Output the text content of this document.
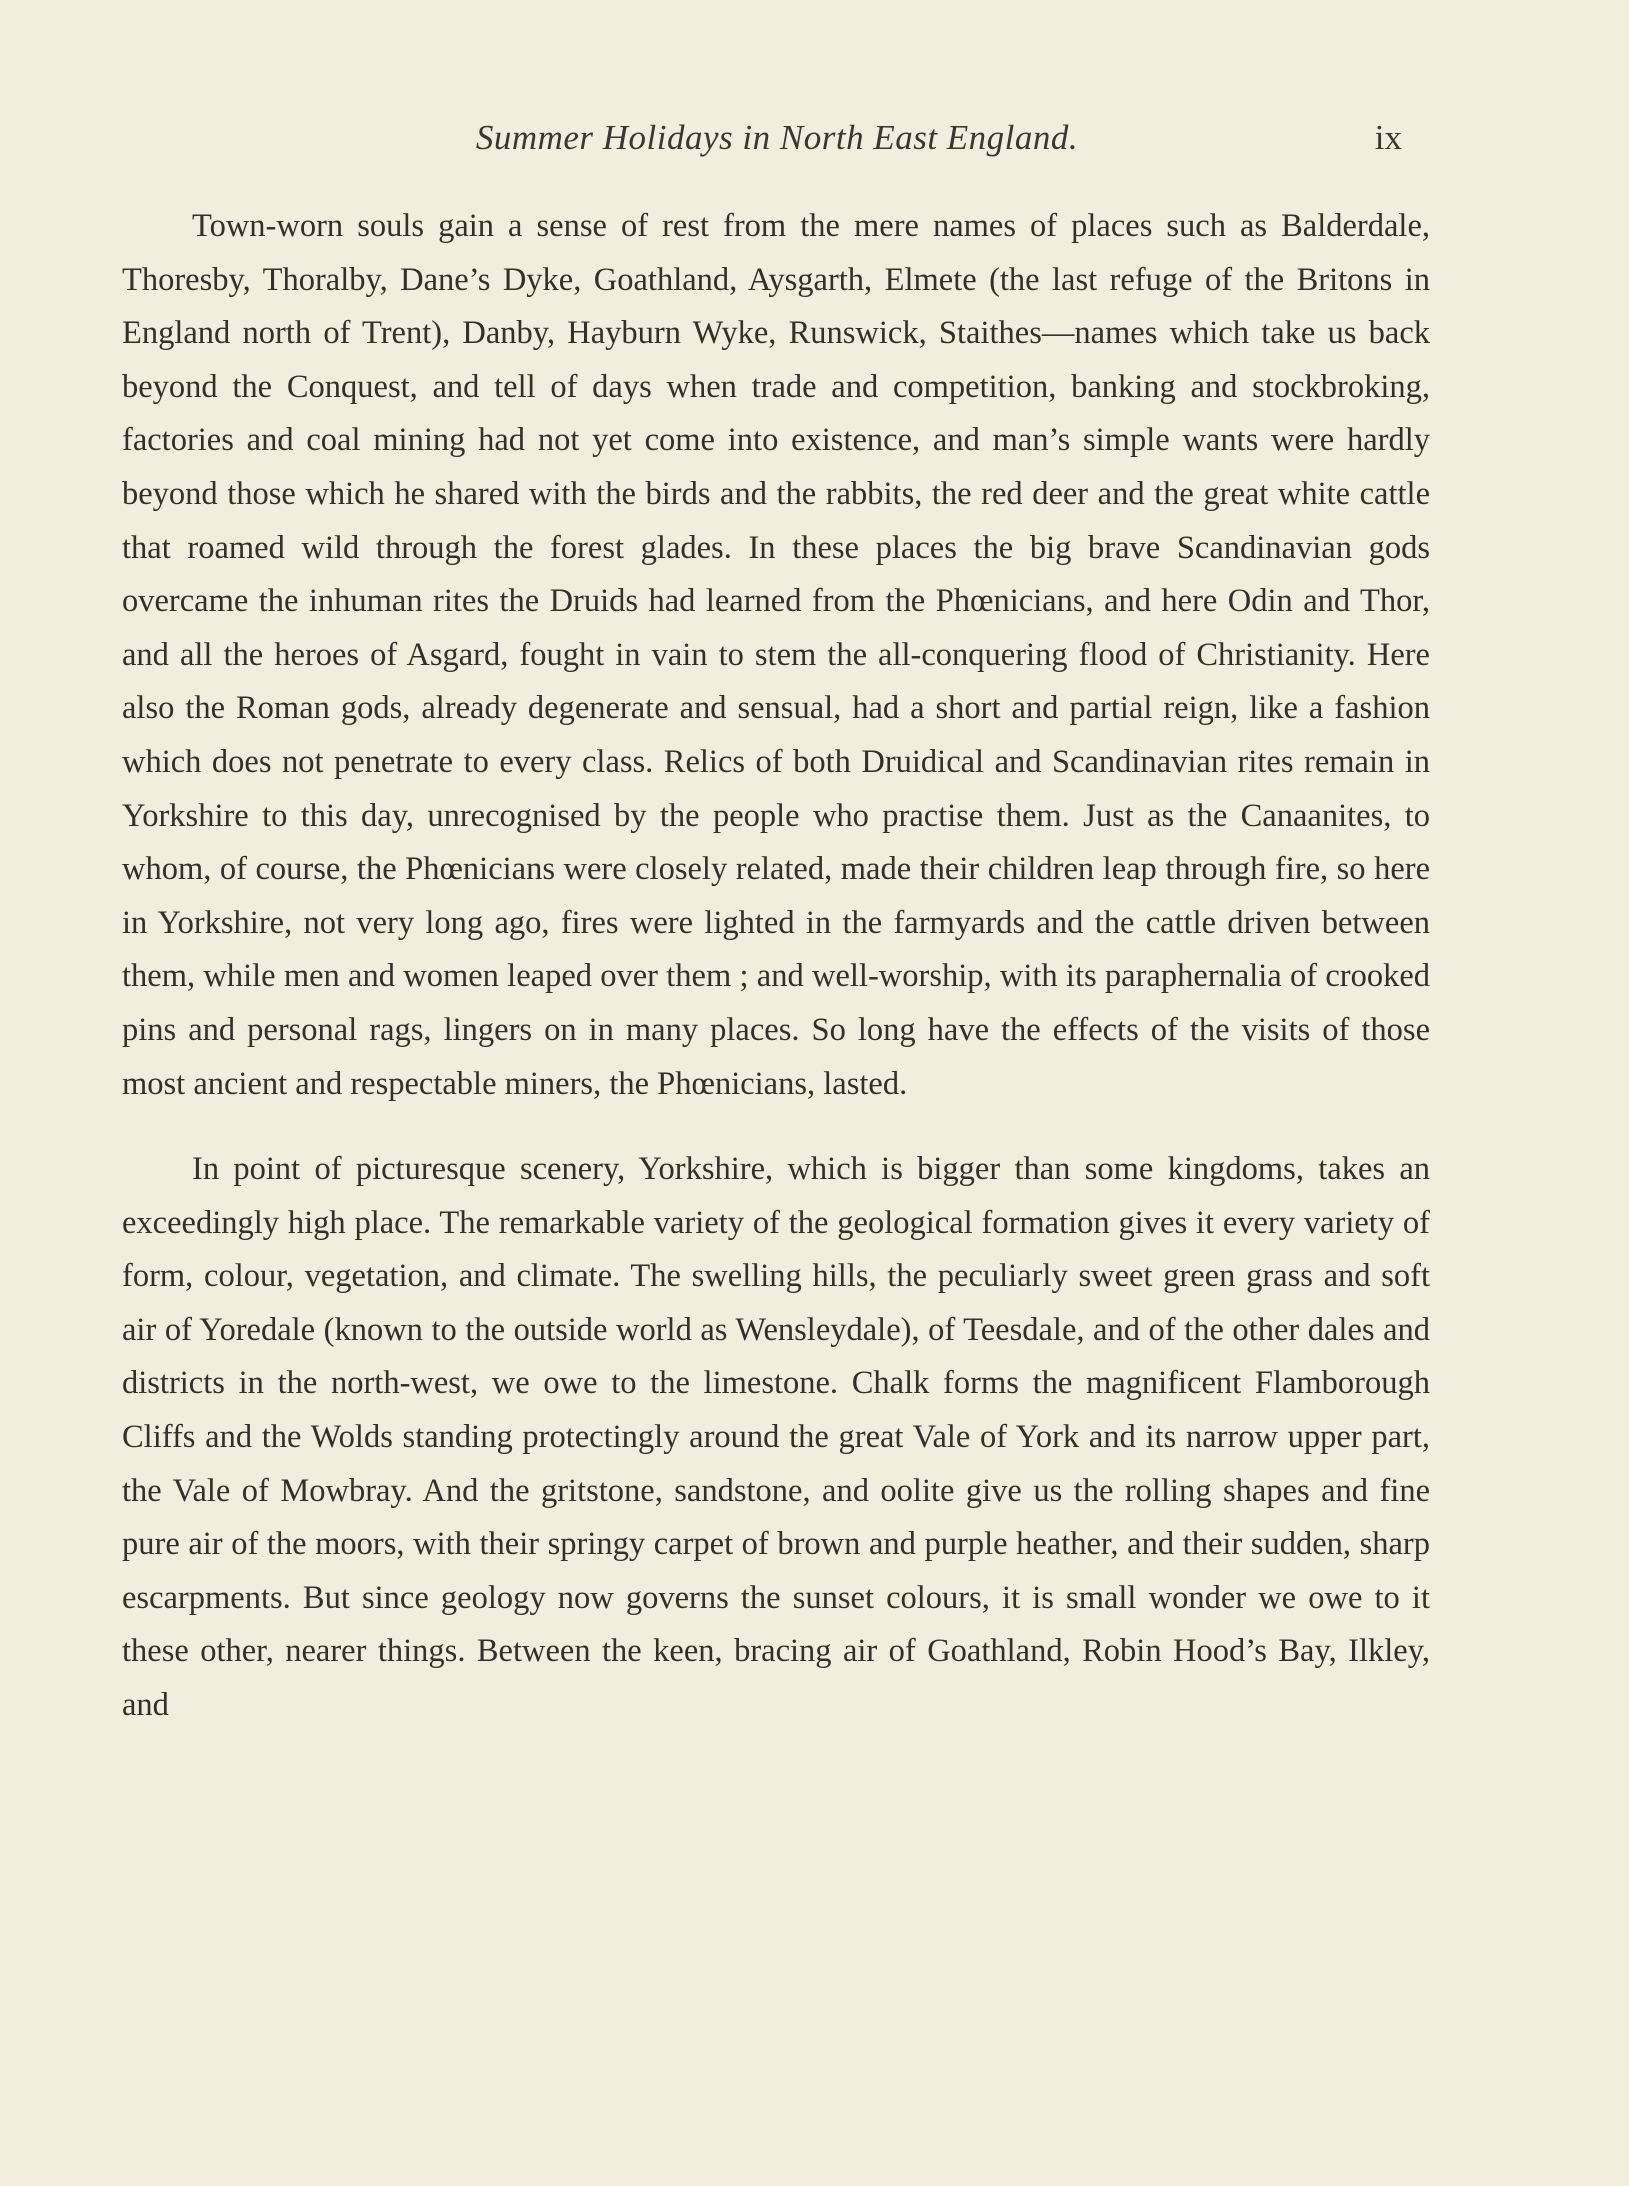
Summer Holidays in North East England.	ix

Town-worn souls gain a sense of rest from the mere names of places such as Balderdale, Thoresby, Thoralby, Dane’s Dyke, Goathland, Aysgarth, Elmete (the last refuge of the Britons in England north of Trent), Danby, Hayburn Wyke, Runswick, Staithes—names which take us back beyond the Conquest, and tell of days when trade and competition, banking and stockbroking, factories and coal mining had not yet come into existence, and man’s simple wants were hardly beyond those which he shared with the birds and the rabbits, the red deer and the great white cattle that roamed wild through the forest glades. In these places the big brave Scandinavian gods overcame the inhuman rites the Druids had learned from the Phœnicians, and here Odin and Thor, and all the heroes of Asgard, fought in vain to stem the all-conquering flood of Christianity. Here also the Roman gods, already degenerate and sensual, had a short and partial reign, like a fashion which does not penetrate to every class. Relics of both Druidical and Scandinavian rites remain in Yorkshire to this day, unrecognised by the people who practise them. Just as the Canaanites, to whom, of course, the Phœnicians were closely related, made their children leap through fire, so here in Yorkshire, not very long ago, fires were lighted in the farmyards and the cattle driven between them, while men and women leaped over them ; and well-worship, with its paraphernalia of crooked pins and personal rags, lingers on in many places. So long have the effects of the visits of those most ancient and respectable miners, the Phœnicians, lasted.

In point of picturesque scenery, Yorkshire, which is bigger than some kingdoms, takes an exceedingly high place. The remarkable variety of the geological formation gives it every variety of form, colour, vegetation, and climate. The swelling hills, the peculiarly sweet green grass and soft air of Yoredale (known to the outside world as Wensleydale), of Teesdale, and of the other dales and districts in the north-west, we owe to the limestone. Chalk forms the magnificent Flamborough Cliffs and the Wolds standing protectingly around the great Vale of York and its narrow upper part, the Vale of Mowbray. And the gritstone, sandstone, and oolite give us the rolling shapes and fine pure air of the moors, with their springy carpet of brown and purple heather, and their sudden, sharp escarpments. But since geology now governs the sunset colours, it is small wonder we owe to it these other, nearer things. Between the keen, bracing air of Goathland, Robin Hood’s Bay, Ilkley, and
